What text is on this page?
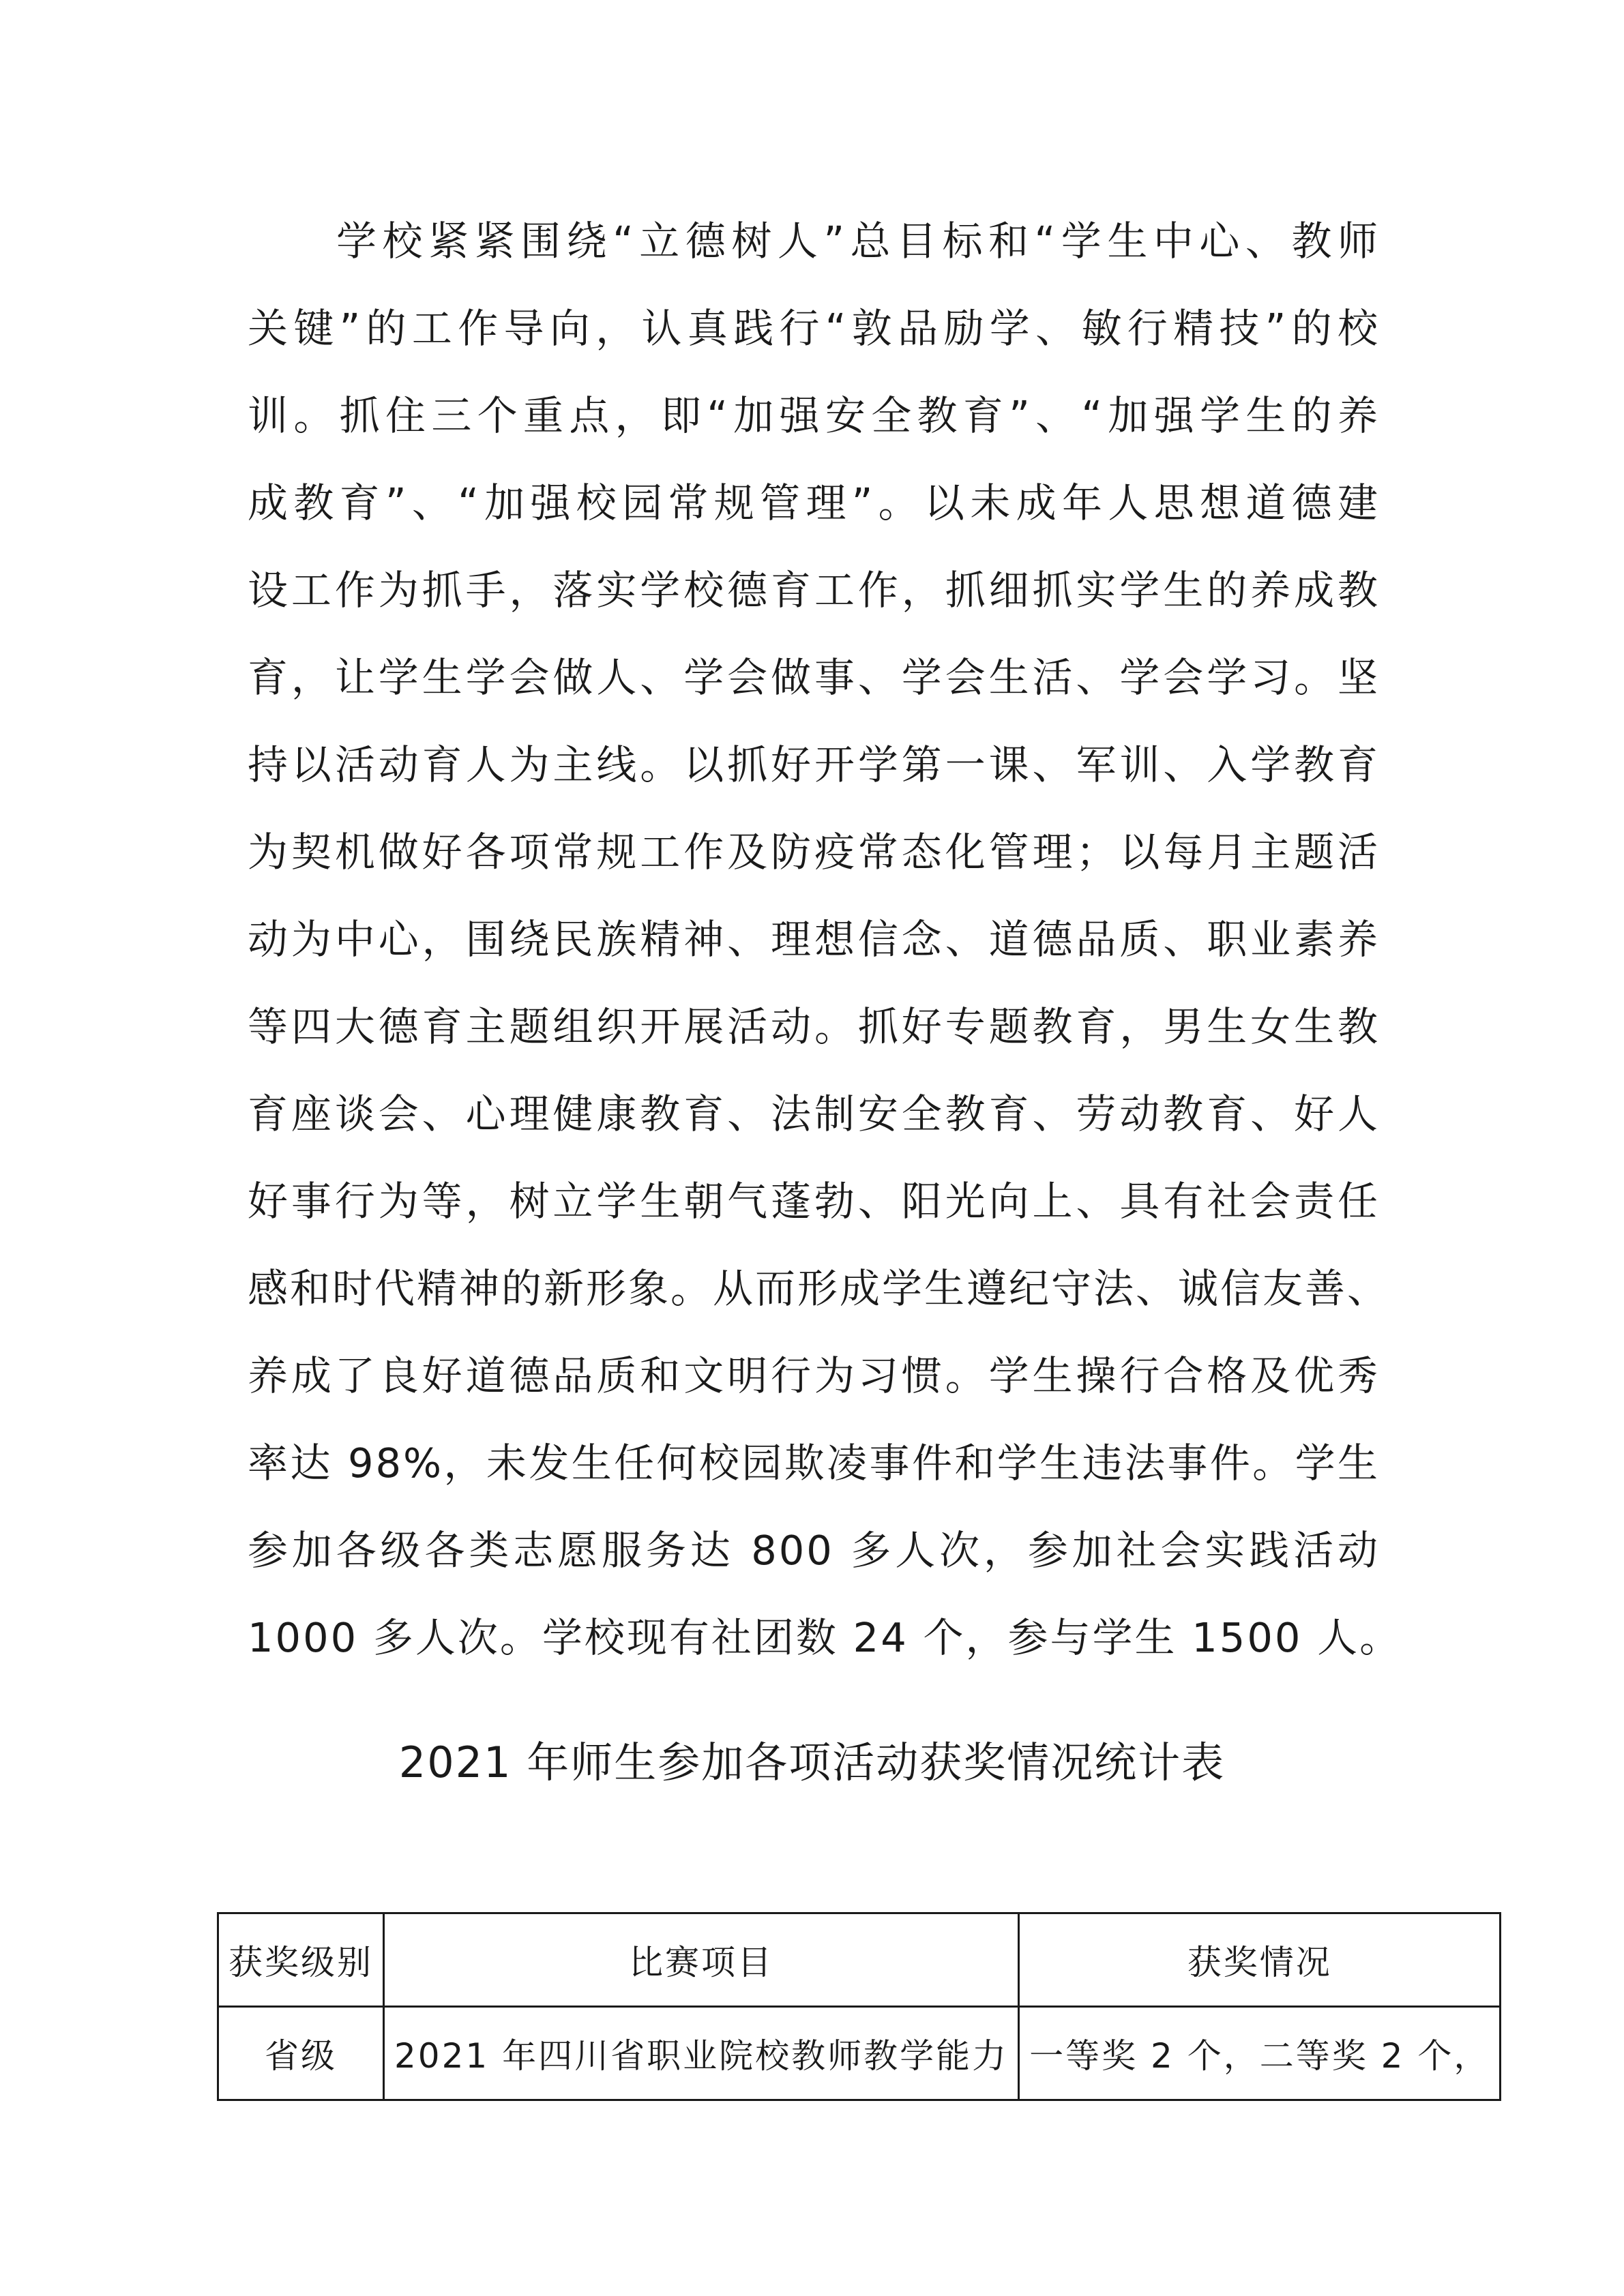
学校紧紧围绕“立德树人”总目标和“学生中心、教师
关键”的工作导向，认真践行“敦品励学、敏行精技”的校
训。抓住三个重点，即“加强安全教育”、“加强学生的养
成教育”、“加强校园常规管理”。以未成年人思想道德建
设工作为抓手，落实学校德育工作，抓细抓实学生的养成教
育，让学生学会做人、学会做事、学会生活、学会学习。坚
持以活动育人为主线。以抓好开学第一课、军训、入学教育
为契机做好各项常规工作及防疫常态化管理；以每月主题活
动为中心，围绕民族精神、理想信念、道德品质、职业素养
等四大德育主题组织开展活动。抓好专题教育，男生女生教
育座谈会、心理健康教育、法制安全教育、劳动教育、好人
好事行为等，树立学生朝气蓬勃、阳光向上、具有社会责任
感和时代精神的新形象。从而形成学生遵纪守法、诚信友善、
养成了良好道德品质和文明行为习惯。学生操行合格及优秀
率达 98%，未发生任何校园欺凌事件和学生违法事件。学生
参加各级各类志愿服务达 800 多人次，参加社会实践活动
1000 多人次。学校现有社团数 24 个，参与学生 1500 人。
2021 年师生参加各项活动获奖情况统计表
获奖级别	比赛项目	获奖情况
省级	2021 年四川省职业院校教师教学能力	一等奖 2 个，二等奖 2 个，
